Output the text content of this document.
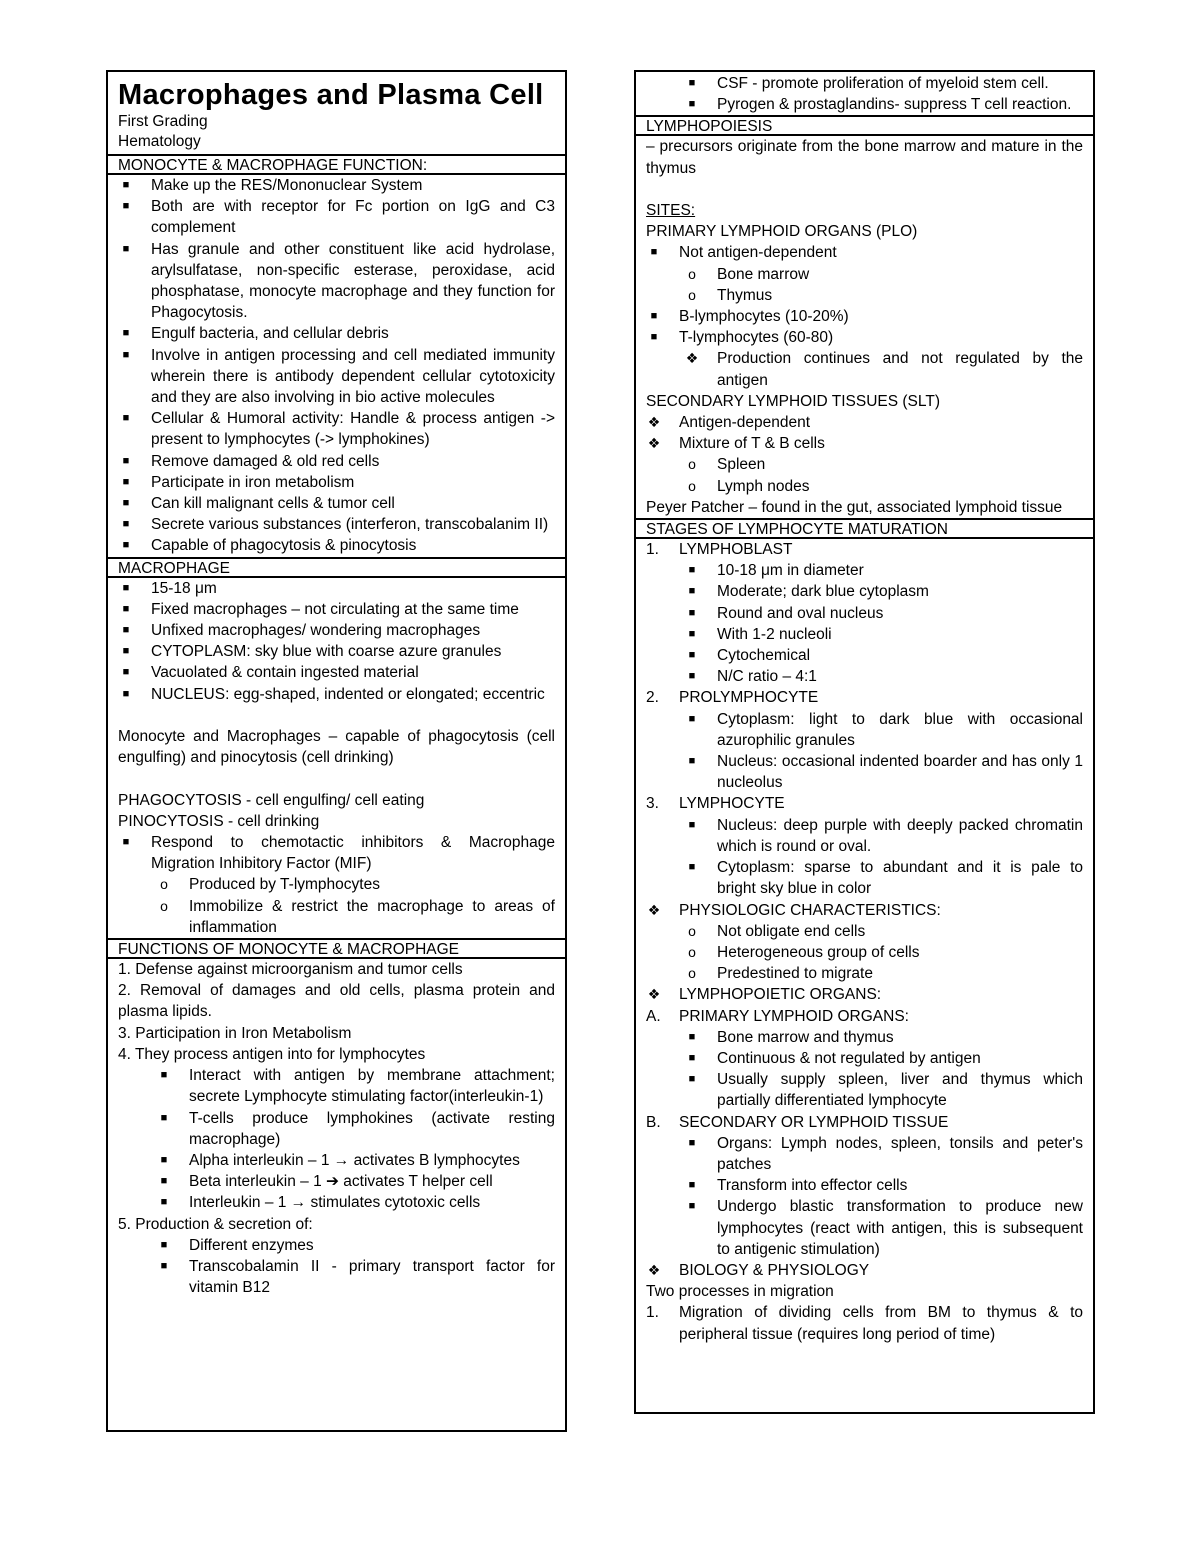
Macrophages and Plasma Cell
First Grading
Hematology
MONOCYTE & MACROPHAGE FUNCTION:
■	Make up the RES/Mononuclear System
■	Both are with receptor for Fc portion on IgG and C3 complement
■	Has granule and other constituent like acid hydrolase, arylsulfatase, non-specific esterase, peroxidase, acid phosphatase, monocyte macrophage and they function for Phagocytosis.
■	Engulf bacteria, and cellular debris
■	Involve in antigen processing and cell mediated immunity wherein there is antibody dependent cellular cytotoxicity and they are also involving in bio active molecules
■	Cellular & Humoral activity: Handle & process antigen -> present to lymphocytes (-> lymphokines)
■	Remove damaged & old red cells
■	Participate in iron metabolism
■	Can kill malignant cells & tumor cell
■	Secrete various substances (interferon, transcobalanim II)
■	Capable of phagocytosis & pinocytosis
MACROPHAGE
■	15-18 μm
■	Fixed macrophages – not circulating at the same time
■	Unfixed macrophages/ wondering macrophages
■	CYTOPLASM: sky blue with coarse azure granules
■	Vacuolated & contain ingested material
■	NUCLEUS: egg-shaped, indented or elongated; eccentric

Monocyte and Macrophages – capable of phagocytosis (cell engulfing) and pinocytosis (cell drinking)

PHAGOCYTOSIS - cell engulfing/ cell eating

PINOCYTOSIS - cell drinking

■	Respond to chemotactic inhibitors & Macrophage Migration Inhibitory Factor (MIF)
o Produced by T-lymphocytes
o Immobilize & restrict the macrophage to areas of inflammation
FUNCTIONS OF MONOCYTE & MACROPHAGE

1. Defense against microorganism and tumor cells

2. Removal of damages and old cells, plasma protein and plasma lipids.

3. Participation in Iron Metabolism

4. They process antigen into for lymphocytes

■	Interact with antigen by membrane attachment; secrete Lymphocyte stimulating factor(interleukin-1)
■	T-cells produce lymphokines (activate resting macrophage)
■	Alpha interleukin – 1 → activates B lymphocytes
■	Beta interleukin – 1 ➔ activates T helper cell
■	Interleukin – 1 → stimulates cytotoxic cells

5. Production & secretion of:

■	Different enzymes
■	Transcobalamin II - primary transport factor for vitamin B12
■	CSF - promote proliferation of myeloid stem cell.
■	Pyrogen & prostaglandins- suppress T cell reaction.
LYMPHOPOIESIS

– precursors originate from the bone marrow and mature in the thymus

SITES:

PRIMARY LYMPHOID ORGANS (PLO)

■	Not antigen-dependent
o Bone marrow
o Thymus
■	B-lymphocytes (10-20%)
■	T-lymphocytes (60-80)
❖ Production continues and not regulated by the antigen

SECONDARY LYMPHOID TISSUES (SLT)

❖ Antigen-dependent
❖ Mixture of T & B cells
o Spleen
o Lymph nodes

Peyer Patcher – found in the gut, associated lymphoid tissue

STAGES OF LYMPHOCYTE MATURATION
1. LYMPHOBLAST
■	10-18 μm in diameter
■	Moderate; dark blue cytoplasm
■	Round and oval nucleus
■	With 1-2 nucleoli
■	Cytochemical
■	N/C ratio – 4:1
2. PROLYMPHOCYTE
■	Cytoplasm: light to dark blue with occasional azurophilic granules
■	Nucleus: occasional indented boarder and has only 1 nucleolus
3. LYMPHOCYTE
■	Nucleus: deep purple with deeply packed chromatin which is round or oval.
■	Cytoplasm: sparse to abundant and it is pale to bright sky blue in color
❖ PHYSIOLOGIC CHARACTERISTICS:
o Not obligate end cells
o Heterogeneous group of cells
o Predestined to migrate
❖ LYMPHOPOIETIC ORGANS:
A. PRIMARY LYMPHOID ORGANS:
■	Bone marrow and thymus
■	Continuous & not regulated by antigen
■	Usually supply spleen, liver and thymus which partially differentiated lymphocyte
B. SECONDARY OR LYMPHOID TISSUE
■	Organs: Lymph nodes, spleen, tonsils and peter's patches
■	Transform into effector cells
■	Undergo blastic transformation to produce new lymphocytes (react with antigen, this is subsequent to antigenic stimulation)
❖ BIOLOGY & PHYSIOLOGY

Two processes in migration

1. Migration of dividing cells from BM to thymus & to peripheral tissue (requires long period of time)
